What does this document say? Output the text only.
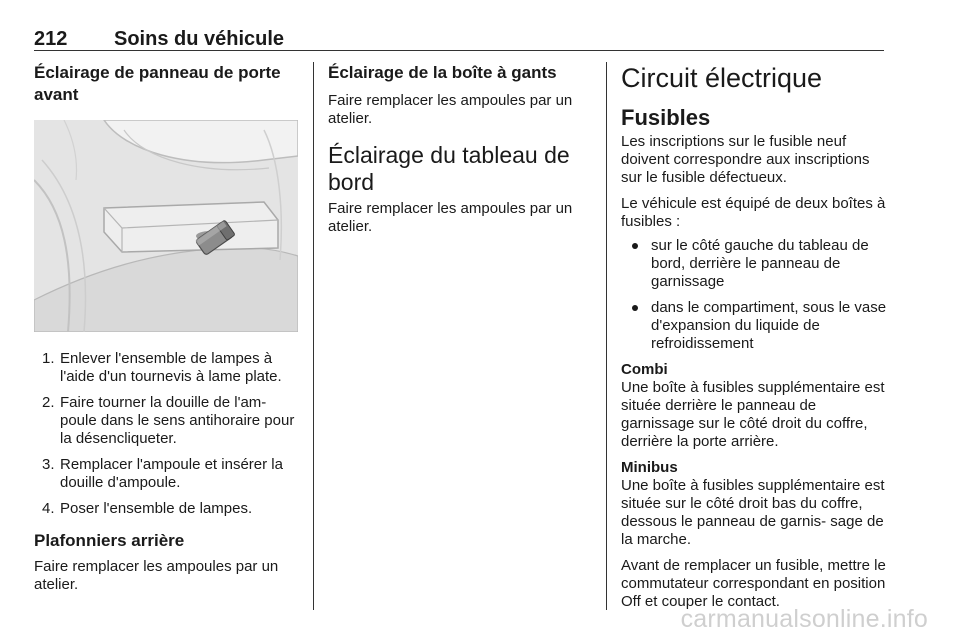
212 Soins du véhicule
Éclairage de panneau de porte avant
1. Enlever l'ensemble de lampes à l'aide d'un tournevis à lame plate.
2. Faire tourner la douille de l'am- poule dans le sens antihoraire pour la désencliqueter.
3. Remplacer l'ampoule et insérer la douille d'ampoule.
4. Poser l'ensemble de lampes.
Plafonniers arrière
Faire remplacer les ampoules par un atelier.
Éclairage de la boîte à gants
Faire remplacer les ampoules par un atelier.
Éclairage du tableau de bord
Faire remplacer les ampoules par un atelier.
Circuit électrique
Fusibles
Les inscriptions sur le fusible neuf doivent correspondre aux inscriptions sur le fusible défectueux.
Le véhicule est équipé de deux boîtes à fusibles :
sur le côté gauche du tableau de bord, derrière le panneau de garnissage
dans le compartiment, sous le vase d'expansion du liquide de refroidissement
Combi
Une boîte à fusibles supplémentaire est située derrière le panneau de garnissage sur le côté droit du coffre, derrière la porte arrière.
Minibus
Une boîte à fusibles supplémentaire est située sur le côté droit bas du coffre, dessous le panneau de garnis- sage de la marche.
Avant de remplacer un fusible, mettre le commutateur correspondant en position Off et couper le contact.
carmanualsonline.info
